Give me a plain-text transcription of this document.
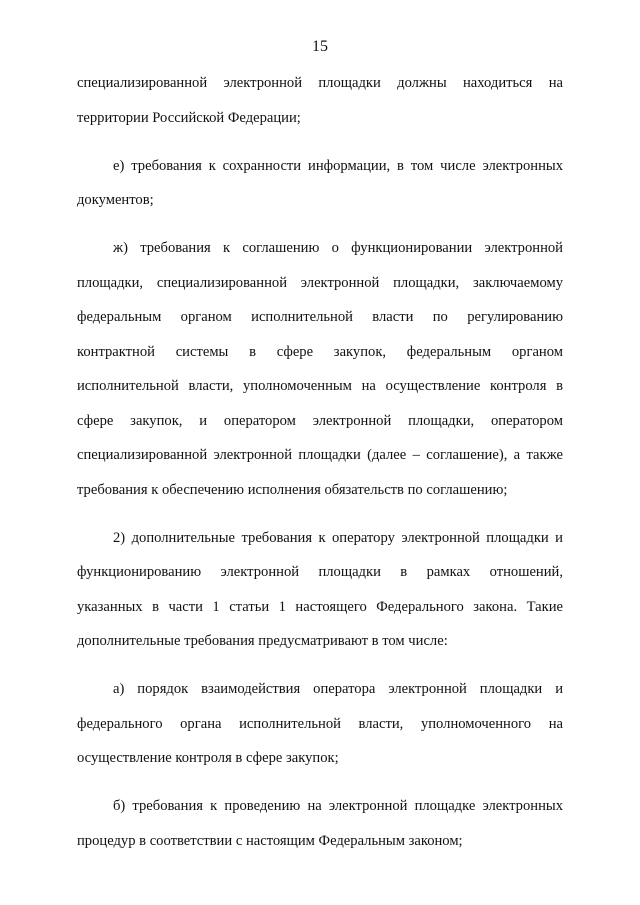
15
специализированной электронной площадки должны находиться на
территории Российской Федерации;
е) требования к сохранности информации, в том числе электронных
документов;
ж) требования к соглашению о функционировании электронной
площадки, специализированной электронной площадки, заключаемому
федеральным органом исполнительной власти по регулированию
контрактной системы в сфере закупок, федеральным органом
исполнительной власти, уполномоченным на осуществление контроля в
сфере закупок, и оператором электронной площадки, оператором
специализированной электронной площадки (далее – соглашение), а также
требования к обеспечению исполнения обязательств по соглашению;
2) дополнительные требования к оператору электронной площадки и
функционированию электронной площадки в рамках отношений,
указанных в части 1 статьи 1 настоящего Федерального закона. Такие
дополнительные требования предусматривают в том числе:
а) порядок взаимодействия оператора электронной площадки и
федерального органа исполнительной власти, уполномоченного на
осуществление контроля в сфере закупок;
б) требования к проведению на электронной площадке электронных
процедур в соответствии с настоящим Федеральным законом;
